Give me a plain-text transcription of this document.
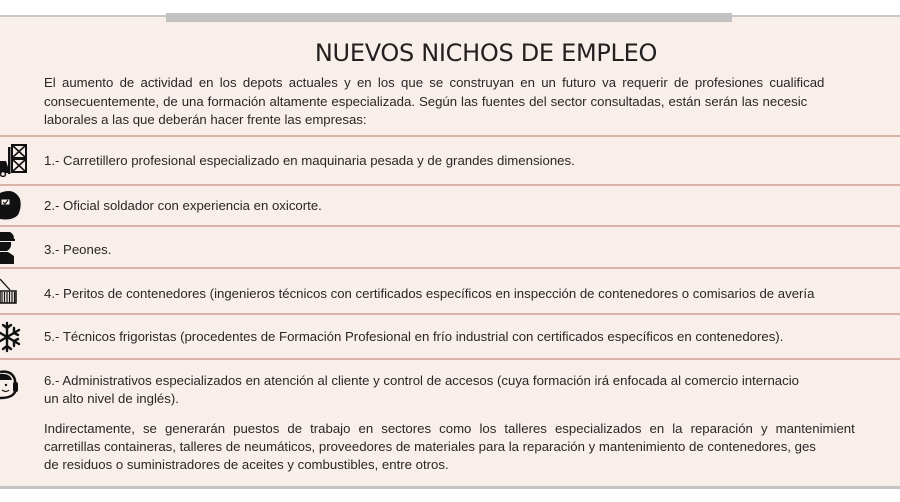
NUEVOS NICHOS DE EMPLEO
El aumento de actividad en los depots actuales y en los que se construyan en un futuro va requerir de profesiones cualificad
consecuentemente, de una formación altamente especializada. Según las fuentes del sector consultadas, están serán las necesic
laborales a las que deberán hacer frente las empresas:
1.- Carretillero profesional especializado en maquinaria pesada y de grandes dimensiones.
2.- Oficial soldador con experiencia en oxicorte.
3.- Peones.
4.- Peritos de contenedores (ingenieros técnicos con certificados específicos en inspección de contenedores o comisarios de avería
5.- Técnicos frigoristas (procedentes de Formación Profesional en frío industrial con certificados específicos en contenedores).
6.- Administrativos especializados en atención al cliente y control de accesos (cuya formación irá enfocada al comercio internacio
un alto nivel de inglés).
Indirectamente, se generarán puestos de trabajo en sectores como los talleres especializados en la reparación y mantenimient
carretillas containeras, talleres de neumáticos, proveedores de materiales para la reparación y mantenimiento de contenedores, ges
de residuos o suministradores de aceites y combustibles, entre otros.
